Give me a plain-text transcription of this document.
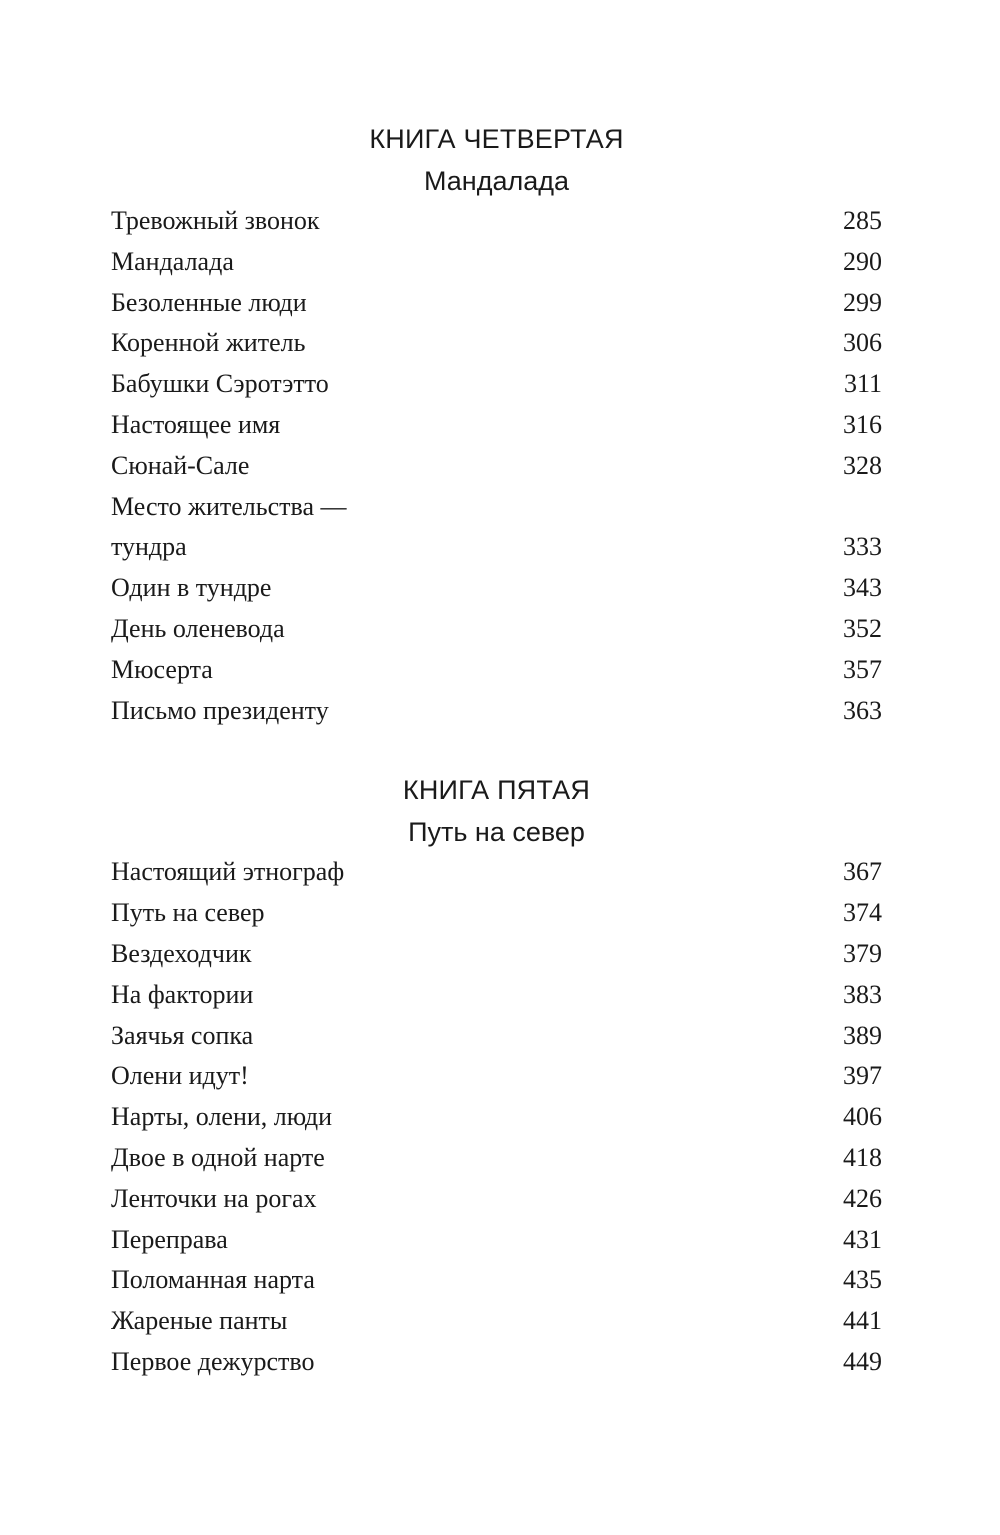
КНИГА ЧЕТВЕРТАЯ
Мандалада
Тревожный звонок	285
Мандалада	290
Безоленные люди	299
Коренной житель	306
Бабушки Сэротэтто	311
Настоящее имя	316
Сюнай-Сале	328
Место жительства —
тундра	333
Один в тундре	343
День оленевода	352
Мюсерта	357
Письмо президенту	363
КНИГА ПЯТАЯ
Путь на север
Настоящий этнограф	367
Путь на север	374
Вездеходчик	379
На фактории	383
Заячья сопка	389
Олени идут!	397
Нарты, олени, люди	406
Двое в одной нарте	418
Ленточки на рогах	426
Переправа	431
Поломанная нарта	435
Жареные панты	441
Первое дежурство	449
